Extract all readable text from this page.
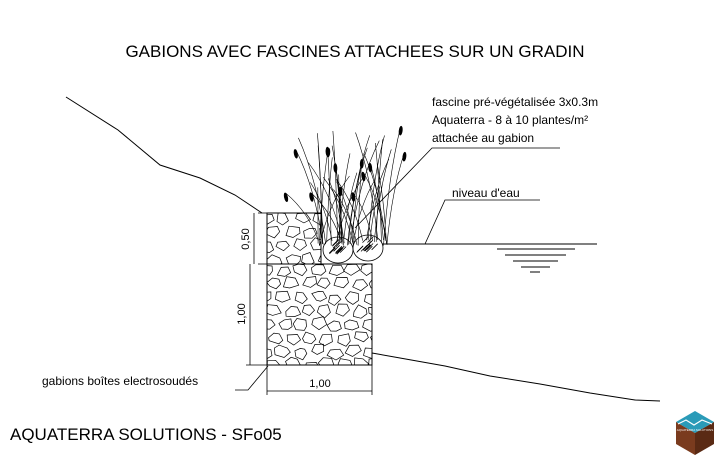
GABIONS AVEC FASCINES ATTACHEES SUR UN GRADIN
fascine pré-végétalisée 3x0.3m
Aquaterra - 8 à 10 plantes/m²
attachée au gabion
niveau d'eau
gabions boîtes electrosoudés
0,50
1,00
1,00
AQUATERRA SOLUTIONS - SFo05	AQUATERRA SOLUTIONS
